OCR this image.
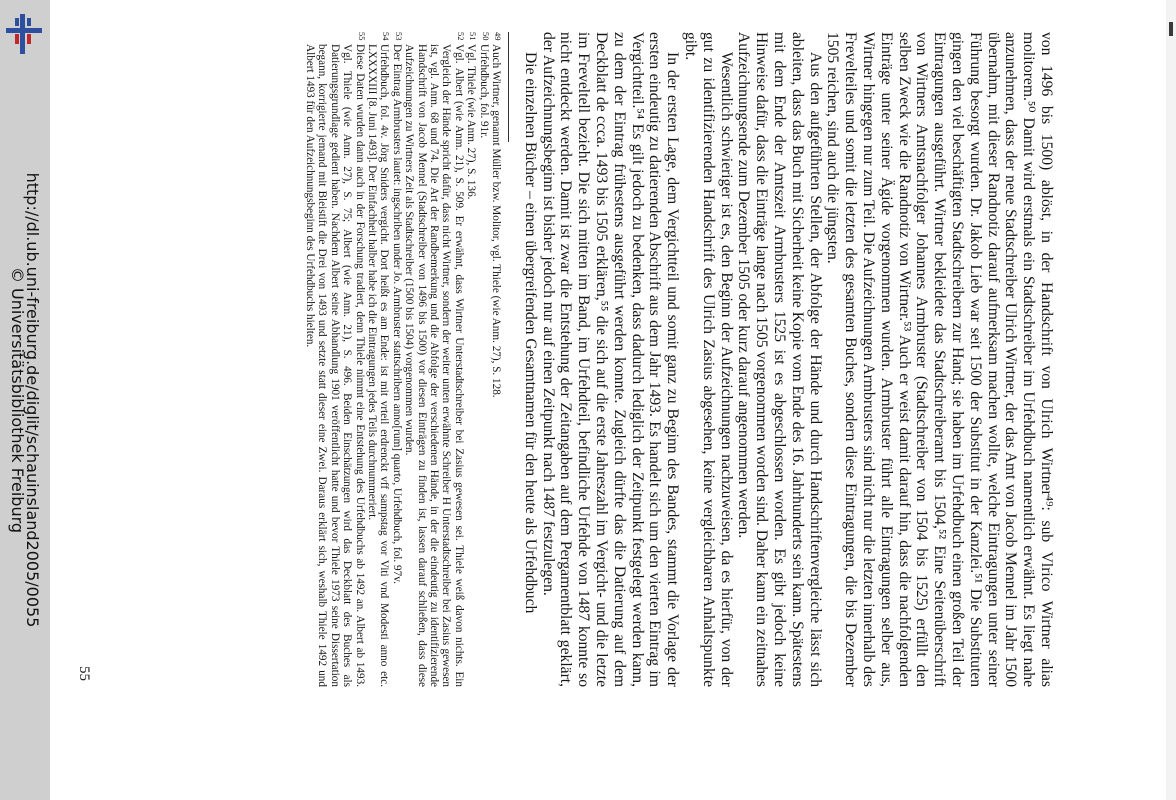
http://dl.ub.uni-freiburg.de/diglit/schauinsland2005/0055
© Universitätsbibliothek Freiburg	von 1496 bis 1500) ablöst, in der Handschrift von Ulrich Wirtner⁴⁹: sub Vlrico Wirtner alias molitorem.⁵⁰ Damit wird erstmals ein Stadtschreiber im Urfehdbuch namentlich erwähnt. Es liegt nahe anzunehmen, dass der neue Stadtschreiber Ulrich Wirtner, der das Amt von Jacob Mennel im Jahr 1500 übernahm, mit dieser Randnotiz darauf aufmerksam machen wollte, welche Eintragungen unter seiner Führung besorgt wurden. Dr. Jakob Lieb war seit 1500 der Substitut in der Kanzlei.⁵¹ Die Substituten gingen den viel beschäftigten Stadtschreibern zur Hand; sie haben im Urfehdbuch einen großen Teil der Eintragungen ausgeführt. Wirtner bekleidete das Stadtschreiberamt bis 1504,⁵² Eine Seitenüberschrift von Wirtners Amtsnachfolger Johannes Armbruster (Stadtschreiber von 1504 bis 1525) erfüllt den selben Zweck wie die Randnotiz von Wirtner.⁵³ Auch er weist damit darauf hin, dass die nachfolgenden Einträge unter seiner Ägide vorgenommen wurden. Armbruster führt alle Eintragungen selber aus, Wirtner hingegen nur zum Teil. Die Aufzeichnungen Armbrusters sind nicht nur die letzten innerhalb des Frevelteiles und somit die letzten des gesamten Buches, sondern diese Eintragungen, die bis Dezember 1505 reichen, sind auch die jüngsten.

Aus den aufgeführten Stellen, der Abfolge der Hände und durch Handschriftenvergleiche lässt sich ableiten, dass das Buch mit Sicherheit keine Kopie vom Ende des 16. Jahrhunderts sein kann. Spätestens mit dem Ende der Amtszeit Armbrusters 1525 ist es abgeschlossen worden. Es gibt jedoch keine Hinweise dafür, dass die Einträge lange nach 1505 vorgenommen worden sind. Daher kann ein zeitnahes Aufzeichnungsende zum Dezember 1505 oder kurz darauf angenommen werden.

Wesentlich schwieriger ist es, den Beginn der Aufzeichnungen nachzuweisen, da es hierfür, von der gut zu identifizierenden Handschrift des Ulrich Zasius abgesehen, keine vergleichbaren Anhaltspunkte gibt.

In der ersten Lage, dem Vergichtteil und somit ganz zu Beginn des Bandes, stammt die Vorlage der ersten eindeutig zu datierenden Abschrift aus dem Jahr 1493. Es handelt sich um den vierten Eintrag im Vergichtteil.⁵⁴ Es gilt jedoch zu bedenken, dass dadurch lediglich der Zeitpunkt festgelegt werden kann, zu dem der Eintrag frühestens ausgeführt werden konnte. Zugleich dürfte das die Datierung auf dem Deckblatt de ccca. 1493 bis 1505 erklären,⁵⁵ die sich auf die erste Jahreszahl im Vergicht- und die letzte im Freveltell bezieht. Die sich mitten im Band, im Urfehdteil, befindliche Urfehde von 1487 konnte so nicht entdeckt werden. Damit ist zwar die Entstehung der Zeitangaben auf dem Pergamentblatt geklärt, der Aufzeichnungsbeginn ist bisher jedoch nur auf einen Zeitpunkt nach 1487 festzulegen.

Die einzelnen Bücher – einen übergreifenden Gesamtnamen für den heute als Urfehdbuch

49
Auch Wirtner, genannt Müller bzw. Molitor, vgl. Thiele (wie Anm. 27), S. 128.

50
Urfehdbuch, fol. 91r.

51
Vgl. Thiele (wie Anm. 27), S. 136.

52
Vgl. Albert (wie Anm. 21), S. 509. Er erwähnt, dass Wirtner Unterstadtschreiber bei Zasius gewesen sei. Thiele weiß davon nichts. Ein Vergleich der Hände spricht dafür, dass nicht Wirtner, sondern der weiter unten erwähnte Schreiber H Unterstadtschreiber bei Zasius gewesen ist, vgl. Anm. 68 und 74. Die Art der Randbemerkung und die Abfolge der verschiedenen Hände, in der die eindeutig zu identifizierende Handschrift von Jacob Mennel (Stadtschreiber von 1496 bis 1500) vor diesen Einträgen zu finden ist, lassen darauf schließen, dass diese Aufzeichnungen zu Wirtners Zeit als Stadtschreiber (1500 bis 1504) vorgenommen wurden.

53
Der Eintrag Armbrusters lautet: ingschriben under Jo. Armbruster stattschribern anno[rum] quarto, Urfehdbuch, fol. 97v.

54
Urfehdbuch, fol. 4v. Jörg Sniders vergicht. Dort heißt es am Ende: ist mit vrteil erdrenckt vff sampstag vor Viti vnd Modesti anno etc. LXXXXIII [8. Juni 1493]. Der Einfachheit halber habe ich die Eintragungen jedes Teils durchnummeriert.

55
Diese Daten wurden dann auch in der Forschung tradiert, denn Thiele nimmt eine Entstehung des Urfehdbuchs ab 1492 an. Albert ab 1493. Vgl. Thiele (wie Anm. 27), S. 75; Albert (wie Anm. 21), S. 496. Beiden Einschätzungen wird das Deckblatt des Buches als Datierungsgrundlage gedient haben. Nachdem Albert seine Abhandlung 1901 veröffentlicht hatte und bevor Thiele 1973 seine Dissertation begann, korrigierte jemand mit Bleistift die Drei von 1493 und setzte statt dieser eine Zwei. Daraus erklärt sich, weshalb Thiele 1492 und Albert 1493 für den Aufzeichnungsbeginn des Urfehdbuchs hielten.

55
